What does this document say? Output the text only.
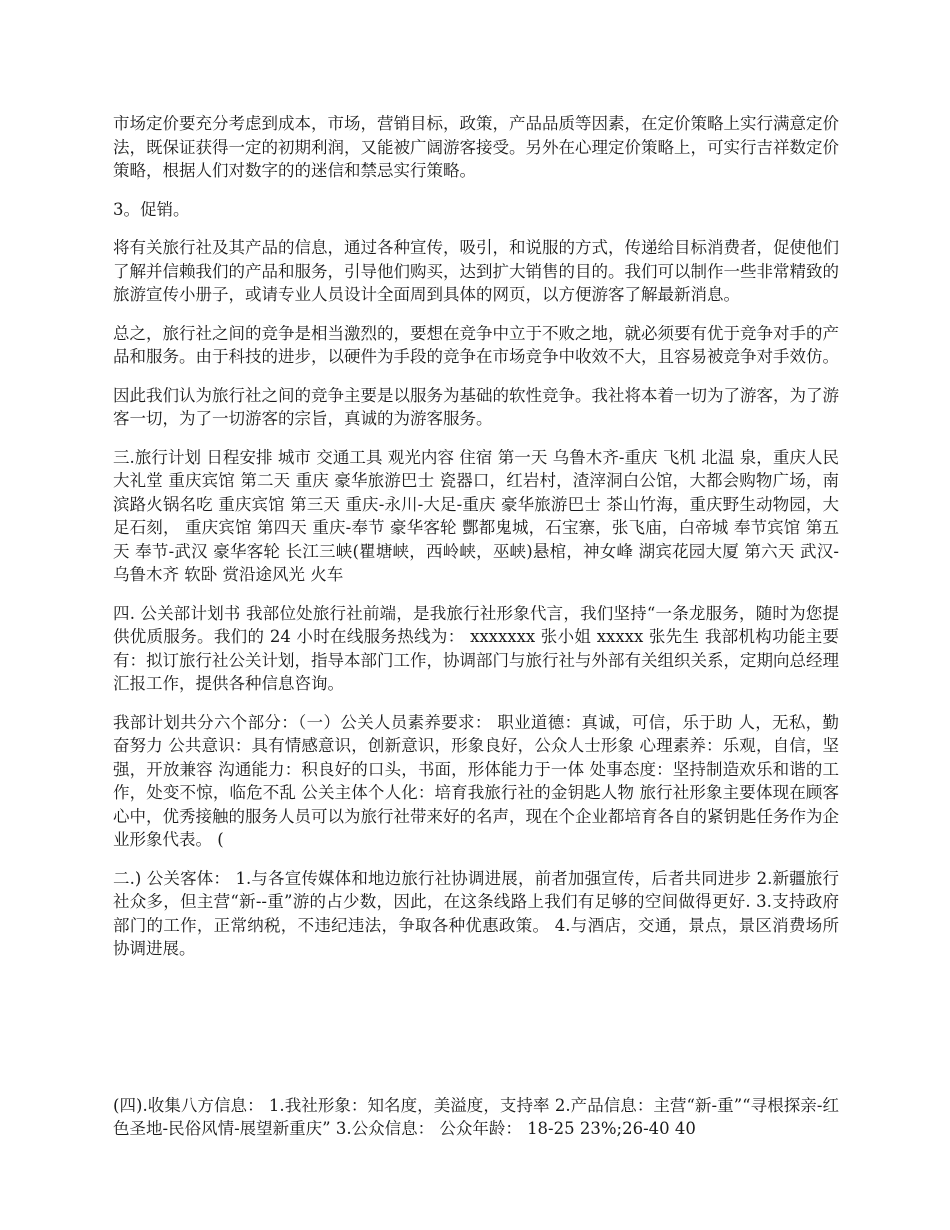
市场定价要充分考虑到成本，市场，营销目标，政策，产品品质等因素，在定价策略上实行满意定价法，既保证获得一定的初期利润，又能被广阔游客接受。另外在心理定价策略上，可实行吉祥数定价策略，根据人们对数字的的迷信和禁忌实行策略。

3。促销。

将有关旅行社及其产品的信息，通过各种宣传，吸引，和说服的方式，传递给目标消费者，促使他们了解并信赖我们的产品和服务，引导他们购买，达到扩大销售的目的。我们可以制作一些非常精致的旅游宣传小册子，或请专业人员设计全面周到具体的网页，以方便游客了解最新消息。

总之，旅行社之间的竞争是相当激烈的，要想在竞争中立于不败之地，就必须要有优于竞争对手的产品和服务。由于科技的进步，以硬件为手段的竞争在市场竞争中收效不大，且容易被竞争对手效仿。

因此我们认为旅行社之间的竞争主要是以服务为基础的软性竞争。我社将本着一切为了游客，为了游客一切，为了一切游客的宗旨，真诚的为游客服务。

三.旅行计划 日程安排 城市 交通工具 观光内容 住宿 第一天 乌鲁木齐-重庆 飞机 北温 泉，重庆人民大礼堂 重庆宾馆 第二天 重庆 豪华旅游巴士 瓷器口，红岩村，渣滓洞白公馆，大都会购物广场，南滨路火锅名吃 重庆宾馆 第三天 重庆-永川-大足-重庆 豪华旅游巴士 茶山竹海，重庆野生动物园，大足石刻， 重庆宾馆 第四天 重庆-奉节 豪华客轮 酆都鬼城，石宝寨，张飞庙，白帝城 奉节宾馆 第五天 奉节-武汉 豪华客轮 长江三峡(瞿塘峡，西岭峡，巫峡)悬棺，神女峰 湖宾花园大厦 第六天 武汉-乌鲁木齐 软卧 赏沿途风光 火车

四. 公关部计划书 我部位处旅行社前端，是我旅行社形象代言，我们坚持“一条龙服务，随时为您提供优质服务。我们的 24 小时在线服务热线为： xxxxxxx 张小姐 xxxxx 张先生 我部机构功能主要有：拟订旅行社公关计划，指导本部门工作，协调部门与旅行社与外部有关组织关系，定期向总经理汇报工作，提供各种信息咨询。

我部计划共分六个部分：（一）公关人员素养要求： 职业道德：真诚，可信，乐于助 人，无私，勤奋努力 公共意识：具有情感意识，创新意识，形象良好，公众人士形象 心理素养：乐观，自信，坚强，开放兼容 沟通能力：积良好的口头，书面，形体能力于一体 处事态度：坚持制造欢乐和谐的工作，处变不惊，临危不乱 公关主体个人化：培育我旅行社的金钥匙人物 旅行社形象主要体现在顾客心中，优秀接触的服务人员可以为旅行社带来好的名声，现在个企业都培育各自的紧钥匙任务作为企业形象代表。 (

二.) 公关客体： 1.与各宣传媒体和地边旅行社协调进展，前者加强宣传，后者共同进步 2.新疆旅行社众多，但主营“新--重”游的占少数，因此，在这条线路上我们有足够的空间做得更好. 3.支持政府部门的工作，正常纳税，不违纪违法，争取各种优惠政策。 4.与酒店，交通，景点，景区消费场所协调进展。

(四).收集八方信息： 1.我社形象：知名度，美溢度，支持率 2.产品信息：主营“新-重”“寻根探亲-红色圣地-民俗风情-展望新重庆” 3.公众信息： 公众年龄： 18-25 23%;26-40 40
